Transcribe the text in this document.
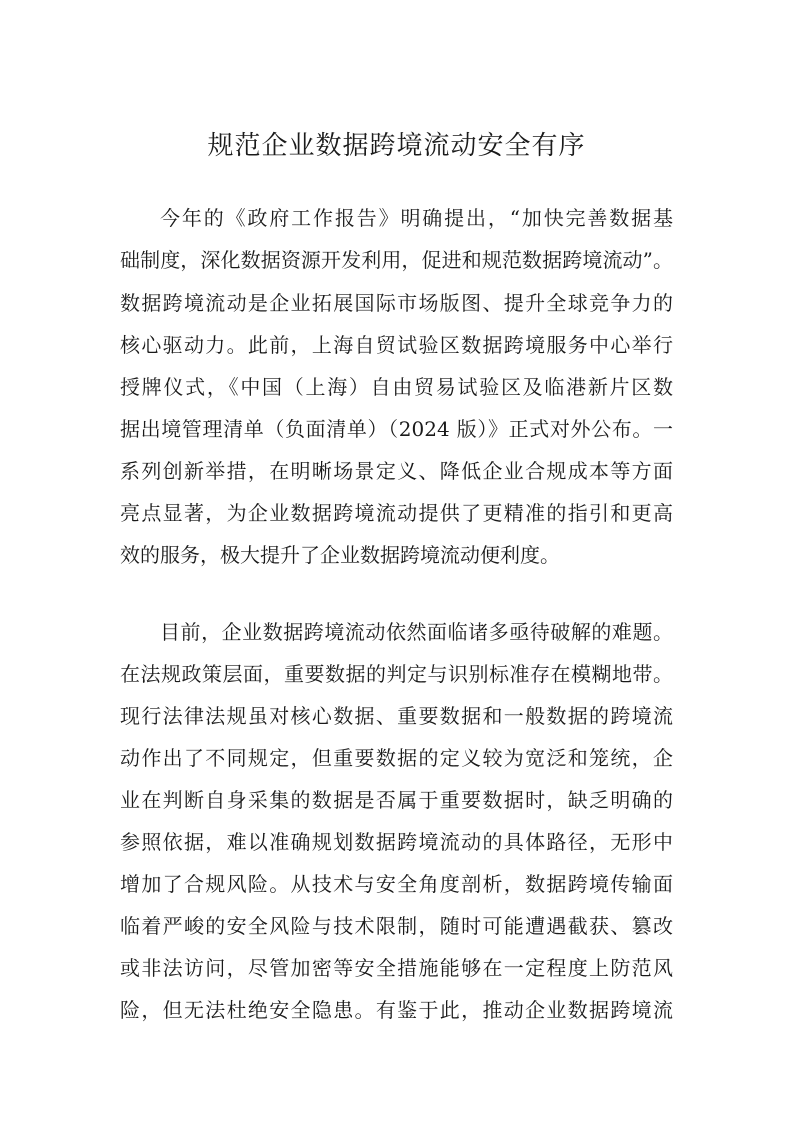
规范企业数据跨境流动安全有序
今年的《政府工作报告》明确提出，“加快完善数据基
础制度，深化数据资源开发利用，促进和规范数据跨境流动”。
数据跨境流动是企业拓展国际市场版图、提升全球竞争力的
核心驱动力。此前，上海自贸试验区数据跨境服务中心举行
授牌仪式，《中国（上海）自由贸易试验区及临港新片区数
据出境管理清单（负面清单）（2024 版）》正式对外公布。一
系列创新举措，在明晰场景定义、降低企业合规成本等方面
亮点显著，为企业数据跨境流动提供了更精准的指引和更高
效的服务，极大提升了企业数据跨境流动便利度。
目前，企业数据跨境流动依然面临诸多亟待破解的难题。
在法规政策层面，重要数据的判定与识别标准存在模糊地带。
现行法律法规虽对核心数据、重要数据和一般数据的跨境流
动作出了不同规定，但重要数据的定义较为宽泛和笼统，企
业在判断自身采集的数据是否属于重要数据时，缺乏明确的
参照依据，难以准确规划数据跨境流动的具体路径，无形中
增加了合规风险。从技术与安全角度剖析，数据跨境传输面
临着严峻的安全风险与技术限制，随时可能遭遇截获、篡改
或非法访问，尽管加密等安全措施能够在一定程度上防范风
险，但无法杜绝安全隐患。有鉴于此，推动企业数据跨境流
